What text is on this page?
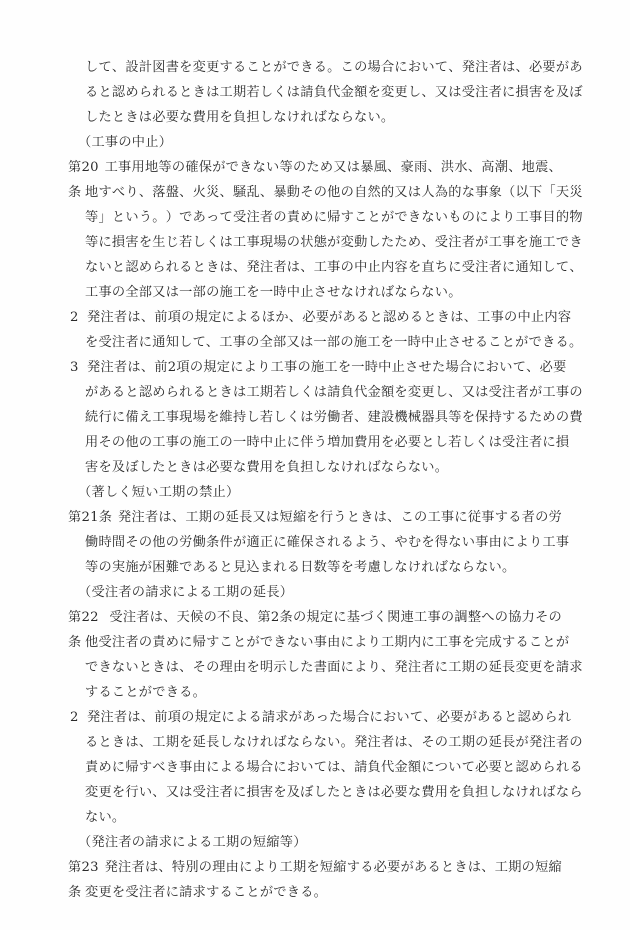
し て 、 設 計 図 書 を 変 更 す る こ と が で き る 。 こ の 場 合 に お い て 、 発 注 者 は 、 必 要 が あ
る と 認 め ら れ る と き は 工 期 若 し く は 請 負 代 金 額 を 変 更 し 、 又 は 受 注 者 に 損 害 を 及 ぼ
したときは必要な費用を負担しなければならない。
（工事の中止）
第20条
工 事 用 地 等 の 確 保 が で き な い 等 の た め 又 は 暴 風 、 豪 雨 、 洪 水 、 高 潮 、 地 震 、
地 す べ り 、 落 盤 、 火 災 、 騒 乱 、 暴 動 そ の 他 の 自 然 的 又 は 人 為 的 な 事 象 （ 以 下 「 天 災
等 」 と い う 。 ） で あ っ て 受 注 者 の 責 め に 帰 す こ と が で き な い も の に よ り 工 事 目 的 物
等 に 損 害 を 生 じ 若 し く は 工 事 現 場 の 状 態 が 変 動 し た た め 、 受 注 者 が 工 事 を 施 工 で き
な い と 認 め ら れ る と き は 、 発 注 者 は 、 工 事 の 中 止 内 容 を 直 ち に 受 注 者 に 通 知 し て 、
工事の全部又は一部の施工を一時中止させなければならない。
2 発 注 者 は 、 前 項 の 規 定 に よ る ほ か 、 必 要 が あ る と 認 め る と き は 、 工 事 の 中 止 内 容
を受注者に通知して、工事の全部又は一部の施工を一時中止させることができる。
3 発 注 者 は 、 前 2 項 の 規 定 に よ り 工 事 の 施 工 を 一 時 中 止 さ せ た 場 合 に お い て 、 必 要
が あ る と 認 め ら れ る と き は 工 期 若 し く は 請 負 代 金 額 を 変 更 し 、 又 は 受 注 者 が 工 事 の
続 行 に 備 え 工 事 現 場 を 維 持 し 若 し く は 労 働 者 、 建 設 機 械 器 具 等 を 保 持 す る た め の 費
用 そ の 他 の 工 事 の 施 工 の 一 時 中 止 に 伴 う 増 加 費 用 を 必 要 と し 若 し く は 受 注 者 に 損
害を及ぼしたときは必要な費用を負担しなければならない。
（著しく短い工期の禁止）
第21条 発 注 者 は 、 工 期 の 延 長 又 は 短 縮 を 行 う と き は 、 こ の 工 事 に 従 事 す る 者 の 労
働 時 間 そ の 他 の 労 働 条 件 が 適 正 に 確 保 さ れ る よ う 、 や む を 得 な い 事 由 に よ り 工 事
等の実施が困難であると見込まれる日数等を考慮しなければならない。
（受注者の請求による工期の延長）
第22条
受 注 者 は 、 天 候 の 不 良 、 第 2 条 の 規 定 に 基 づ く 関 連 工 事 の 調 整 へ の 協 力 そ の
他 受 注 者 の 責 め に 帰 す こ と が で き な い 事 由 に よ り 工 期 内 に 工 事 を 完 成 す る こ と が
で き な い と き は 、 そ の 理 由 を 明 示 し た 書 面 に よ り 、 発 注 者 に 工 期 の 延 長 変 更 を 請 求
することができる。
2 発 注 者 は 、 前 項 の 規 定 に よ る 請 求 が あ っ た 場 合 に お い て 、 必 要 が あ る と 認 め ら れ
る と き は 、 工 期 を 延 長 し な け れ ば な ら な い 。 発 注 者 は 、 そ の 工 期 の 延 長 が 発 注 者 の
責 め に 帰 す べ き 事 由 に よ る 場 合 に お い て は 、 請 負 代 金 額 に つ い て 必 要 と 認 め ら れ る
変 更 を 行 い 、 又 は 受 注 者 に 損 害 を 及 ぼ し た と き は 必 要 な 費 用 を 負 担 し な け れ ば な ら
ない。
（発注者の請求による工期の短縮等）
第23条
発 注 者 は 、 特 別 の 理 由 に よ り 工 期 を 短 縮 す る 必 要 が あ る と き は 、 工 期 の 短 縮
変更を受注者に請求することができる。
